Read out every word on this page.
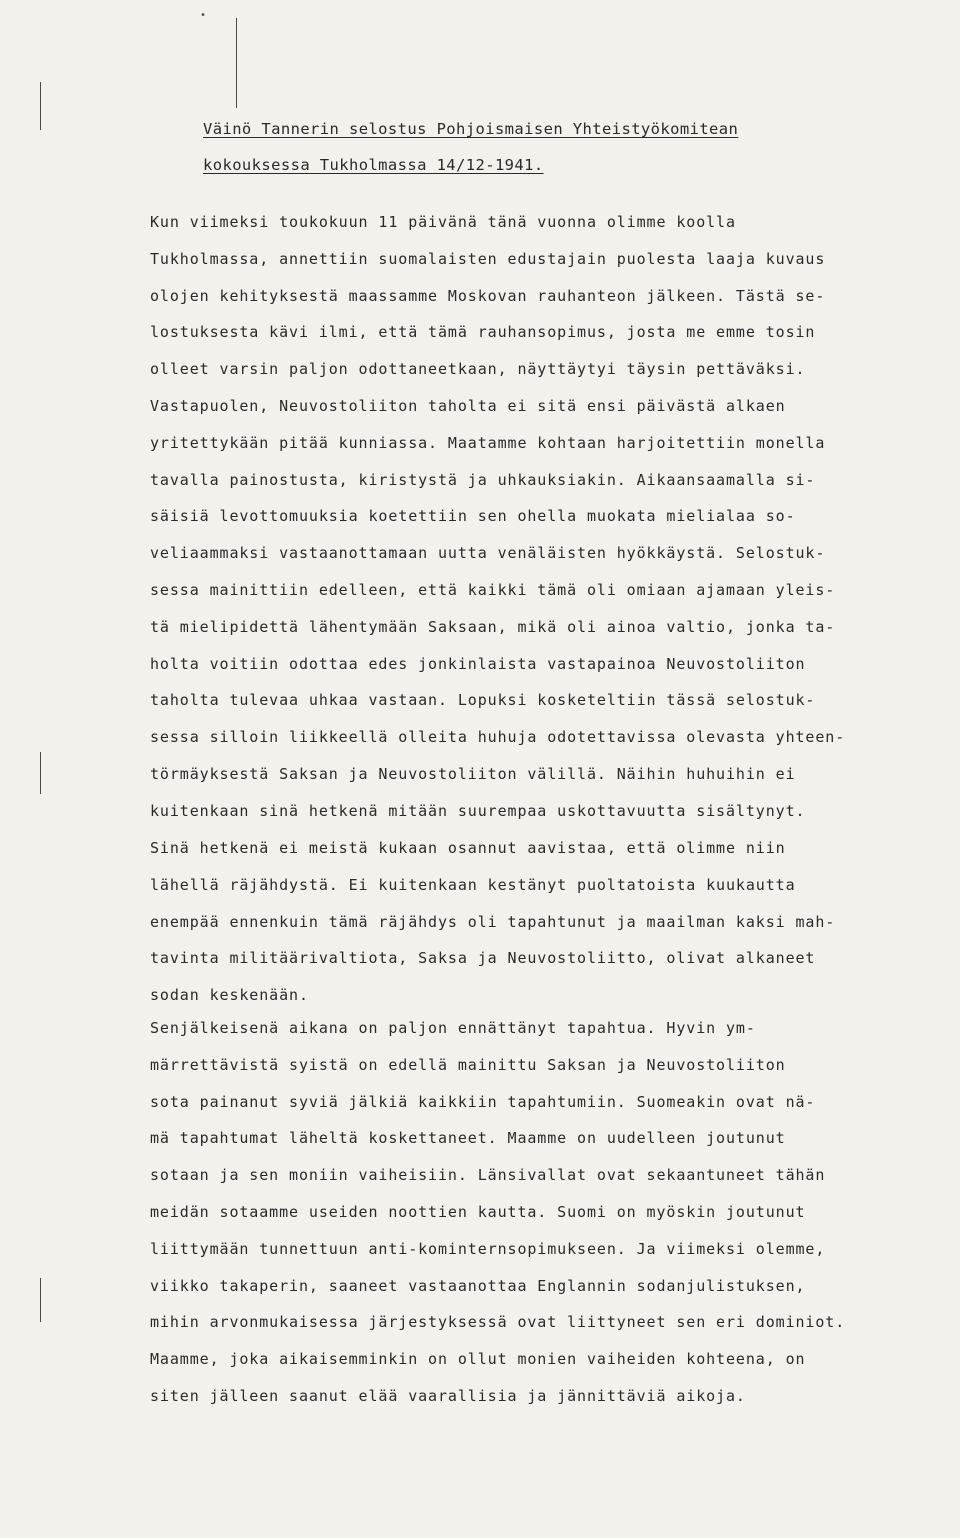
•
Väinö Tannerin selostus Pohjoismaisen Yhteistyökomitean
kokouksessa Tukholmassa 14/12-1941.

Kun viimeksi toukokuun 11 päivänä tänä vuonna olimme koolla
Tukholmassa, annettiin suomalaisten edustajain puolesta laaja kuvaus
olojen kehityksestä maassamme Moskovan rauhanteon jälkeen. Tästä se-
lostuksesta kävi ilmi, että tämä rauhansopimus, josta me emme tosin
olleet varsin paljon odottaneetkaan, näyttäytyi täysin pettäväksi.
Vastapuolen, Neuvostoliiton taholta ei sitä ensi päivästä alkaen
yritettykään pitää kunniassa. Maatamme kohtaan harjoitettiin monella
tavalla painostusta, kiristystä ja uhkauksiakin. Aikaansaamalla si-
säisiä levottomuuksia koetettiin sen ohella muokata mielialaa so-
veliaammaksi vastaanottamaan uutta venäläisten hyökkäystä. Selostuk-
sessa mainittiin edelleen, että kaikki tämä oli omiaan ajamaan yleis-
tä mielipidettä lähentymään Saksaan, mikä oli ainoa valtio, jonka ta-
holta voitiin odottaa edes jonkinlaista vastapainoa Neuvostoliiton
taholta tulevaa uhkaa vastaan. Lopuksi kosketeltiin tässä selostuk-
sessa silloin liikkeellä olleita huhuja odotettavissa olevasta yhteen-
törmäyksestä Saksan ja Neuvostoliiton välillä. Näihin huhuihin ei
kuitenkaan sinä hetkenä mitään suurempaa uskottavuutta sisältynyt.

Sinä hetkenä ei meistä kukaan osannut aavistaa, että olimme niin
lähellä räjähdystä. Ei kuitenkaan kestänyt puoltatoista kuukautta
enempää ennenkuin tämä räjähdys oli tapahtunut ja maailman kaksi mah-
tavinta militäärivaltiota, Saksa ja Neuvostoliitto, olivat alkaneet
sodan keskenään.

Senjälkeisenä aikana on paljon ennättänyt tapahtua. Hyvin ym-
märrettävistä syistä on edellä mainittu Saksan ja Neuvostoliiton
sota painanut syviä jälkiä kaikkiin tapahtumiin. Suomeakin ovat nä-
mä tapahtumat läheltä koskettaneet. Maamme on uudelleen joutunut
sotaan ja sen moniin vaiheisiin. Länsivallat ovat sekaantuneet tähän
meidän sotaamme useiden noottien kautta. Suomi on myöskin joutunut
liittymään tunnettuun anti-kominternsopimukseen. Ja viimeksi olemme,
viikko takaperin, saaneet vastaanottaa Englannin sodanjulistuksen,
mihin arvonmukaisessa järjestyksessä ovat liittyneet sen eri dominiot.
Maamme, joka aikaisemminkin on ollut monien vaiheiden kohteena, on
siten jälleen saanut elää vaarallisia ja jännittäviä aikoja.
